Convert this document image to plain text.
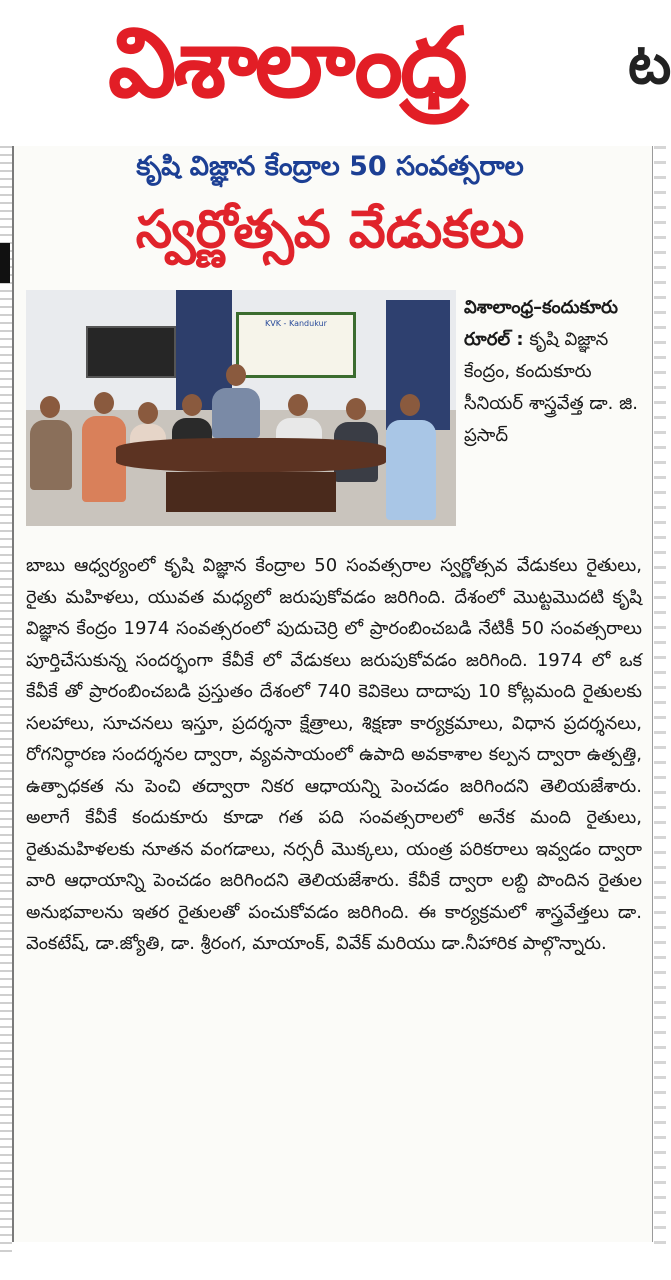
విశాలాంధ్ర	ట
కృషి విజ్ఞాన కేంద్రాల 50 సంవత్సరాల
స్వర్ణోత్సవ వేడుకలు
KVK - Kandukur
విశాలాంధ్ర–కందుకూరు రూరల్ : కృషి విజ్ఞాన కేంద్రం, కందుకూరు సీనియర్ శాస్త్రవేత్త డా. జి. ప్రసాద్
బాబు ఆధ్వర్యంలో కృషి విజ్ఞాన కేంద్రాల 50 సంవత్సరాల స్వర్ణోత్సవ వేడుకలు రైతులు, రైతు మహిళలు, యువత మధ్యలో జరుపుకోవడం జరిగింది. దేశంలో మొట్టమొదటి కృషి విజ్ఞాన కేంద్రం 1974 సంవత్సరంలో పుదుచెర్రి లో ప్రారంబించబడి నేటికీ 50 సంవత్సరాలు పూర్తిచేసుకున్న సందర్భంగా కేవీకే లో వేడుకలు జరుపుకోవడం జరిగింది. 1974 లో ఒక కేవీకే తో ప్రారంబించబడి ప్రస్తుతం దేశంలో 740 కెవికెలు దాదాపు 10 కోట్లమంది రైతులకు సలహాలు, సూచనలు ఇస్తూ, ప్రదర్శనా క్షేత్రాలు, శిక్షణా కార్యక్రమాలు, విధాన ప్రదర్శనలు, రోగనిర్ధారణ సందర్శనల ద్వారా, వ్యవసాయంలో ఉపాది అవకాశాల కల్పన ద్వారా ఉత్పత్తి, ఉత్పాధకత ను పెంచి తద్వారా నికర ఆధాయన్ని పెంచడం జరిగిందని తెలియజేశారు. అలాగే కేవీకే కందుకూరు కూడా గత పది సంవత్సరాలలో అనేక మంది రైతులు, రైతుమహిళలకు నూతన వంగడాలు, నర్సరీ మొక్కలు, యంత్ర పరికరాలు ఇవ్వడం ద్వారా వారి ఆధాయాన్ని పెంచడం జరిగిందని తెలియజేశారు. కేవీకే ద్వారా లబ్ది పొందిన రైతుల అనుభవాలను ఇతర రైతులతో పంచుకోవడం జరిగింది. ఈ కార్యక్రమలో శాస్త్రవేత్తలు డా. వెంకటేష్, డా.జ్యోతి, డా. శ్రీరంగ, మాయాంక్, వివేక్ మరియు డా.నీహారిక పాల్గొన్నారు.
